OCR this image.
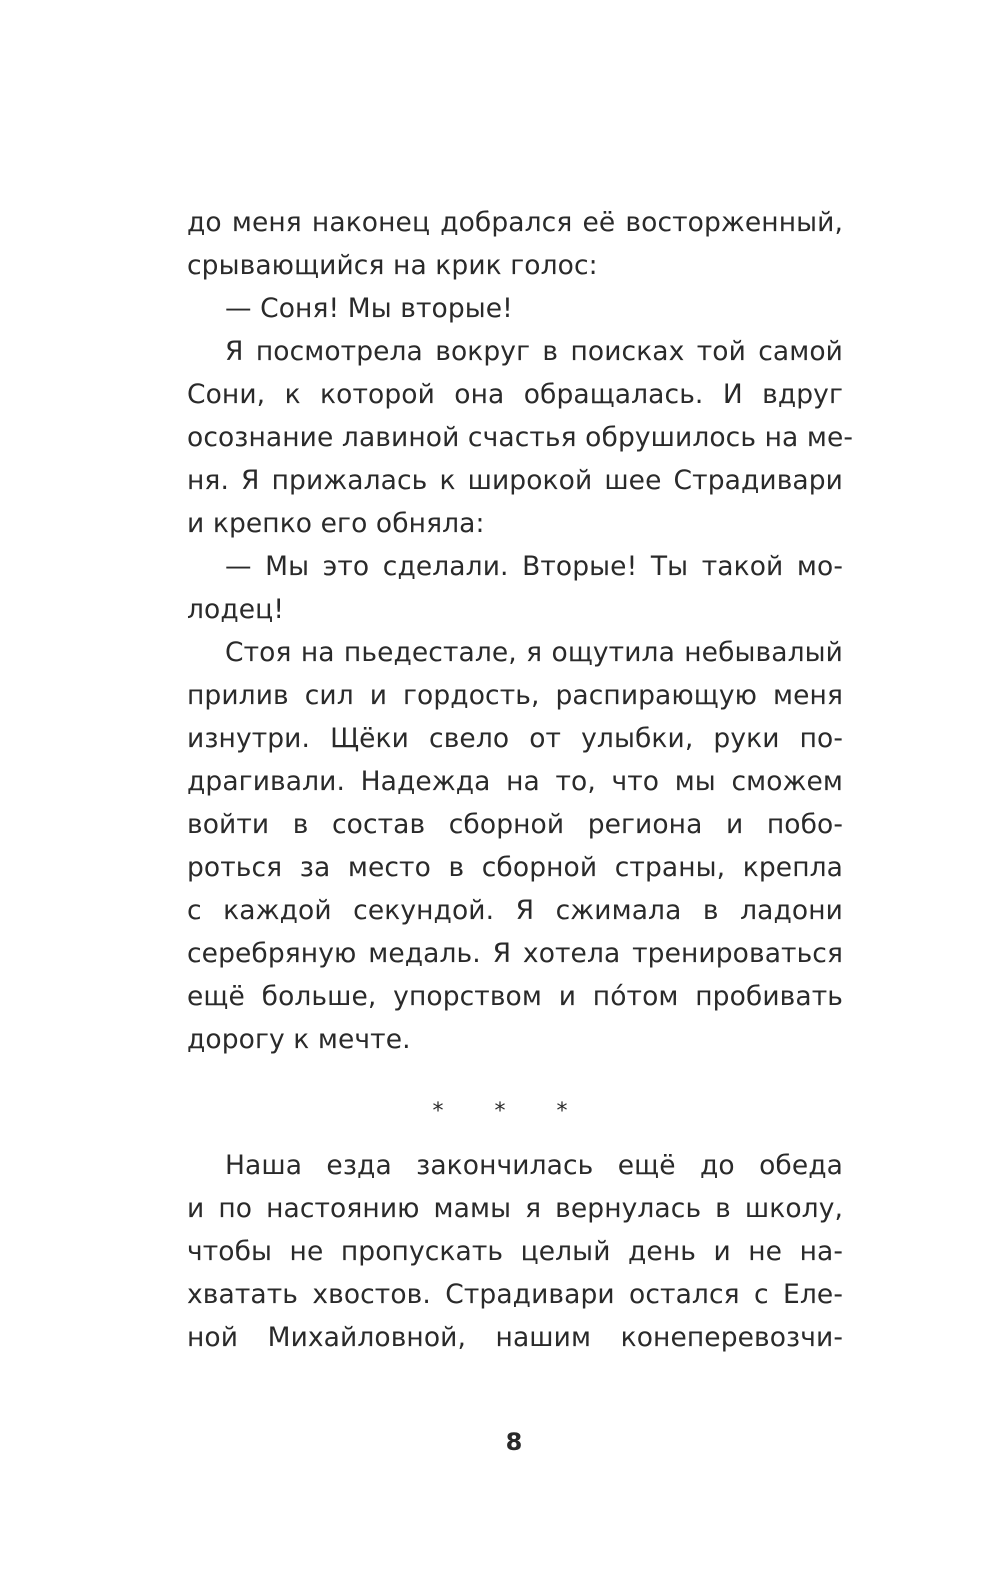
до меня наконец добрался её восторженный,
срывающийся на крик голос:
— Соня! Мы вторые!
Я посмотрела вокруг в поисках той самой
Сони, к которой она обращалась. И вдруг
осознание лавиной счастья обрушилось на ме-
ня. Я прижалась к широкой шее Страдивари
и крепко его обняла:
— Мы это сделали. Вторые! Ты такой мо-
лодец!
Стоя на пьедестале, я ощутила небывалый
прилив сил и гордость, распирающую меня
изнутри. Щёки свело от улыбки, руки по-
драгивали. Надежда на то, что мы сможем
войти в состав сборной региона и побо-
роться за место в сборной страны, крепла
с каждой секундой. Я сжимала в ладони
серебряную медаль. Я хотела тренироваться
ещё больше, упорством и пóтом пробивать
дорогу к мечте.
* * *
Наша езда закончилась ещё до обеда
и по настоянию мамы я вернулась в школу,
чтобы не пропускать целый день и не на-
хватать хвостов. Страдивари остался с Еле-
ной Михайловной, нашим конеперевозчи-
8
